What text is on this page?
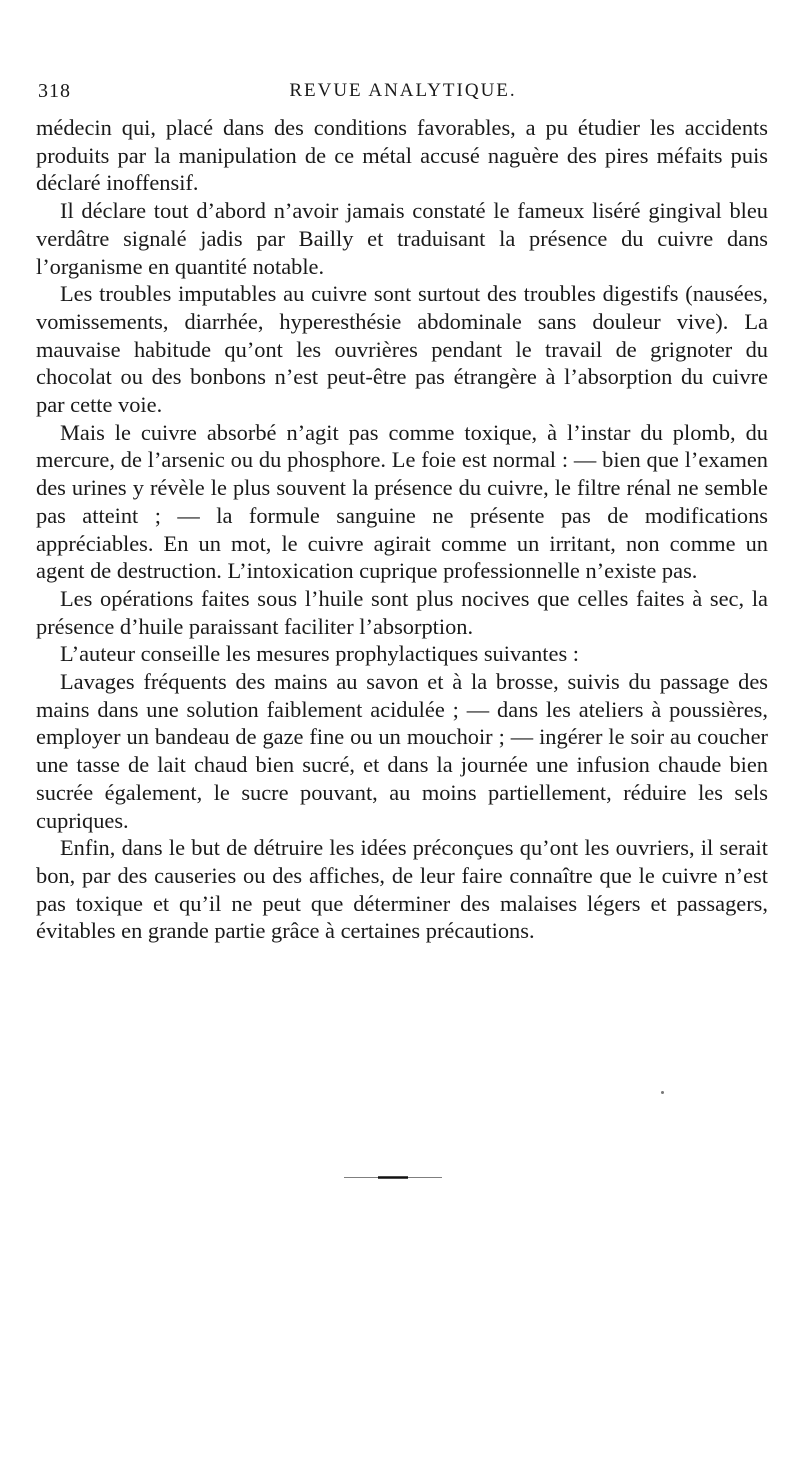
318	REVUE ANALYTIQUE.

médecin qui, placé dans des conditions favorables, a pu étudier les accidents produits par la manipulation de ce métal accusé naguère des pires méfaits puis déclaré inoffensif.

Il déclare tout d’abord n’avoir jamais constaté le fameux liséré gingival bleu verdâtre signalé jadis par Bailly et traduisant la présence du cuivre dans l’organisme en quantité notable.

Les troubles imputables au cuivre sont surtout des troubles digestifs (nausées, vomissements, diarrhée, hyperesthésie abdominale sans douleur vive). La mauvaise habitude qu’ont les ouvrières pendant le travail de grignoter du chocolat ou des bonbons n’est peut-être pas étrangère à l’absorption du cuivre par cette voie.

Mais le cuivre absorbé n’agit pas comme toxique, à l’instar du plomb, du mercure, de l’arsenic ou du phosphore. Le foie est normal : — bien que l’examen des urines y révèle le plus souvent la présence du cuivre, le filtre rénal ne semble pas atteint ; — la formule sanguine ne présente pas de modifications appréciables. En un mot, le cuivre agirait comme un irritant, non comme un agent de destruction. L’intoxication cuprique professionnelle n’existe pas.

Les opérations faites sous l’huile sont plus nocives que celles faites à sec, la présence d’huile paraissant faciliter l’absorption.

L’auteur conseille les mesures prophylactiques suivantes :

Lavages fréquents des mains au savon et à la brosse, suivis du passage des mains dans une solution faiblement acidulée ; — dans les ateliers à poussières, employer un bandeau de gaze fine ou un mouchoir ; — ingérer le soir au coucher une tasse de lait chaud bien sucré, et dans la journée une infusion chaude bien sucrée également, le sucre pouvant, au moins partiellement, réduire les sels cupriques.

Enfin, dans le but de détruire les idées préconçues qu’ont les ouvriers, il serait bon, par des causeries ou des affiches, de leur faire connaître que le cuivre n’est pas toxique et qu’il ne peut que déterminer des malaises légers et passagers, évitables en grande partie grâce à certaines précautions.
